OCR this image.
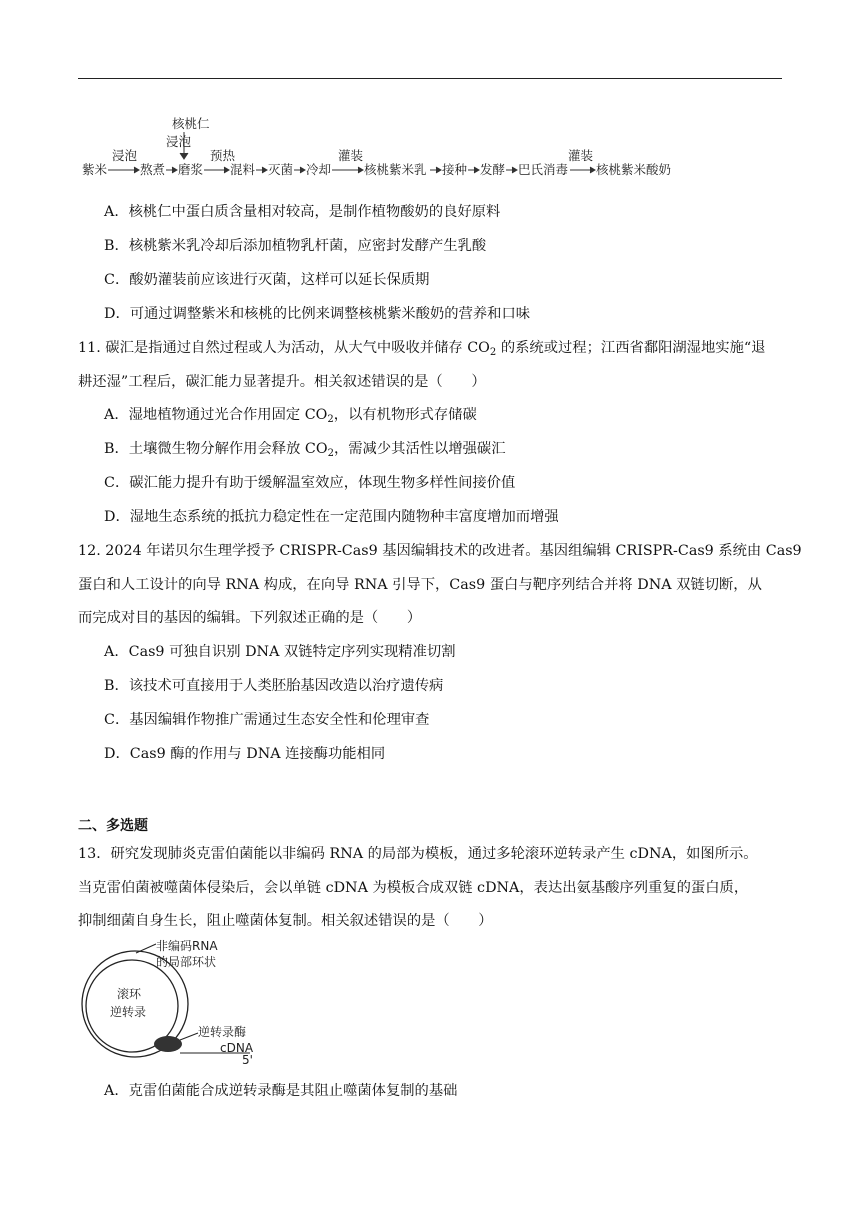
核桃仁
浸泡
紫米
浸泡
熬煮 磨浆
预热
混料 灭菌 冷却
灌装
核桃紫米乳 接种 发酵 巴氏消毒
灌装
核桃紫米酸奶
A．核桃仁中蛋白质含量相对较高，是制作植物酸奶的良好原料
B．核桃紫米乳冷却后添加植物乳杆菌，应密封发酵产生乳酸
C．酸奶灌装前应该进行灭菌，这样可以延长保质期
D．可通过调整紫米和核桃的比例来调整核桃紫米酸奶的营养和口味
11. 碳汇是指通过自然过程或人为活动，从大气中吸收并储存 $CO_2$ 的系统或过程；江西省鄱阳湖湿地实施“退
耕还湿”工程后，碳汇能力显著提升。相关叙述错误的是（　　）
A．湿地植物通过光合作用固定 $CO_2$，以有机物形式存储碳
B．土壤微生物分解作用会释放 $CO_2$，需减少其活性以增强碳汇
C．碳汇能力提升有助于缓解温室效应，体现生物多样性间接价值
D．湿地生态系统的抵抗力稳定性在一定范围内随物种丰富度增加而增强
12. 2024 年诺贝尔生理学授予 CRISPR-Cas9 基因编辑技术的改进者。基因组编辑 CRISPR-Cas9 系统由 Cas9
蛋白和人工设计的向导 RNA 构成，在向导 RNA 引导下，Cas9 蛋白与靶序列结合并将 DNA 双链切断，从
而完成对目的基因的编辑。下列叙述正确的是（　　）
A．Cas9 可独自识别 DNA 双链特定序列实现精准切割
B．该技术可直接用于人类胚胎基因改造以治疗遗传病
C．基因编辑作物推广需通过生态安全性和伦理审查
D．Cas9 酶的作用与 DNA 连接酶功能相同
二、多选题
13．研究发现肺炎克雷伯菌能以非编码 RNA 的局部为模板，通过多轮滚环逆转录产生 cDNA，如图所示。
当克雷伯菌被噬菌体侵染后，会以单链 cDNA 为模板合成双链 cDNA，表达出氨基酸序列重复的蛋白质，
抑制细菌自身生长，阻止噬菌体复制。相关叙述错误的是（　　）
非编码RNA
的局部环状
滚环
逆转录
逆转录酶
cDNA
5'
A．克雷伯菌能合成逆转录酶是其阻止噬菌体复制的基础
